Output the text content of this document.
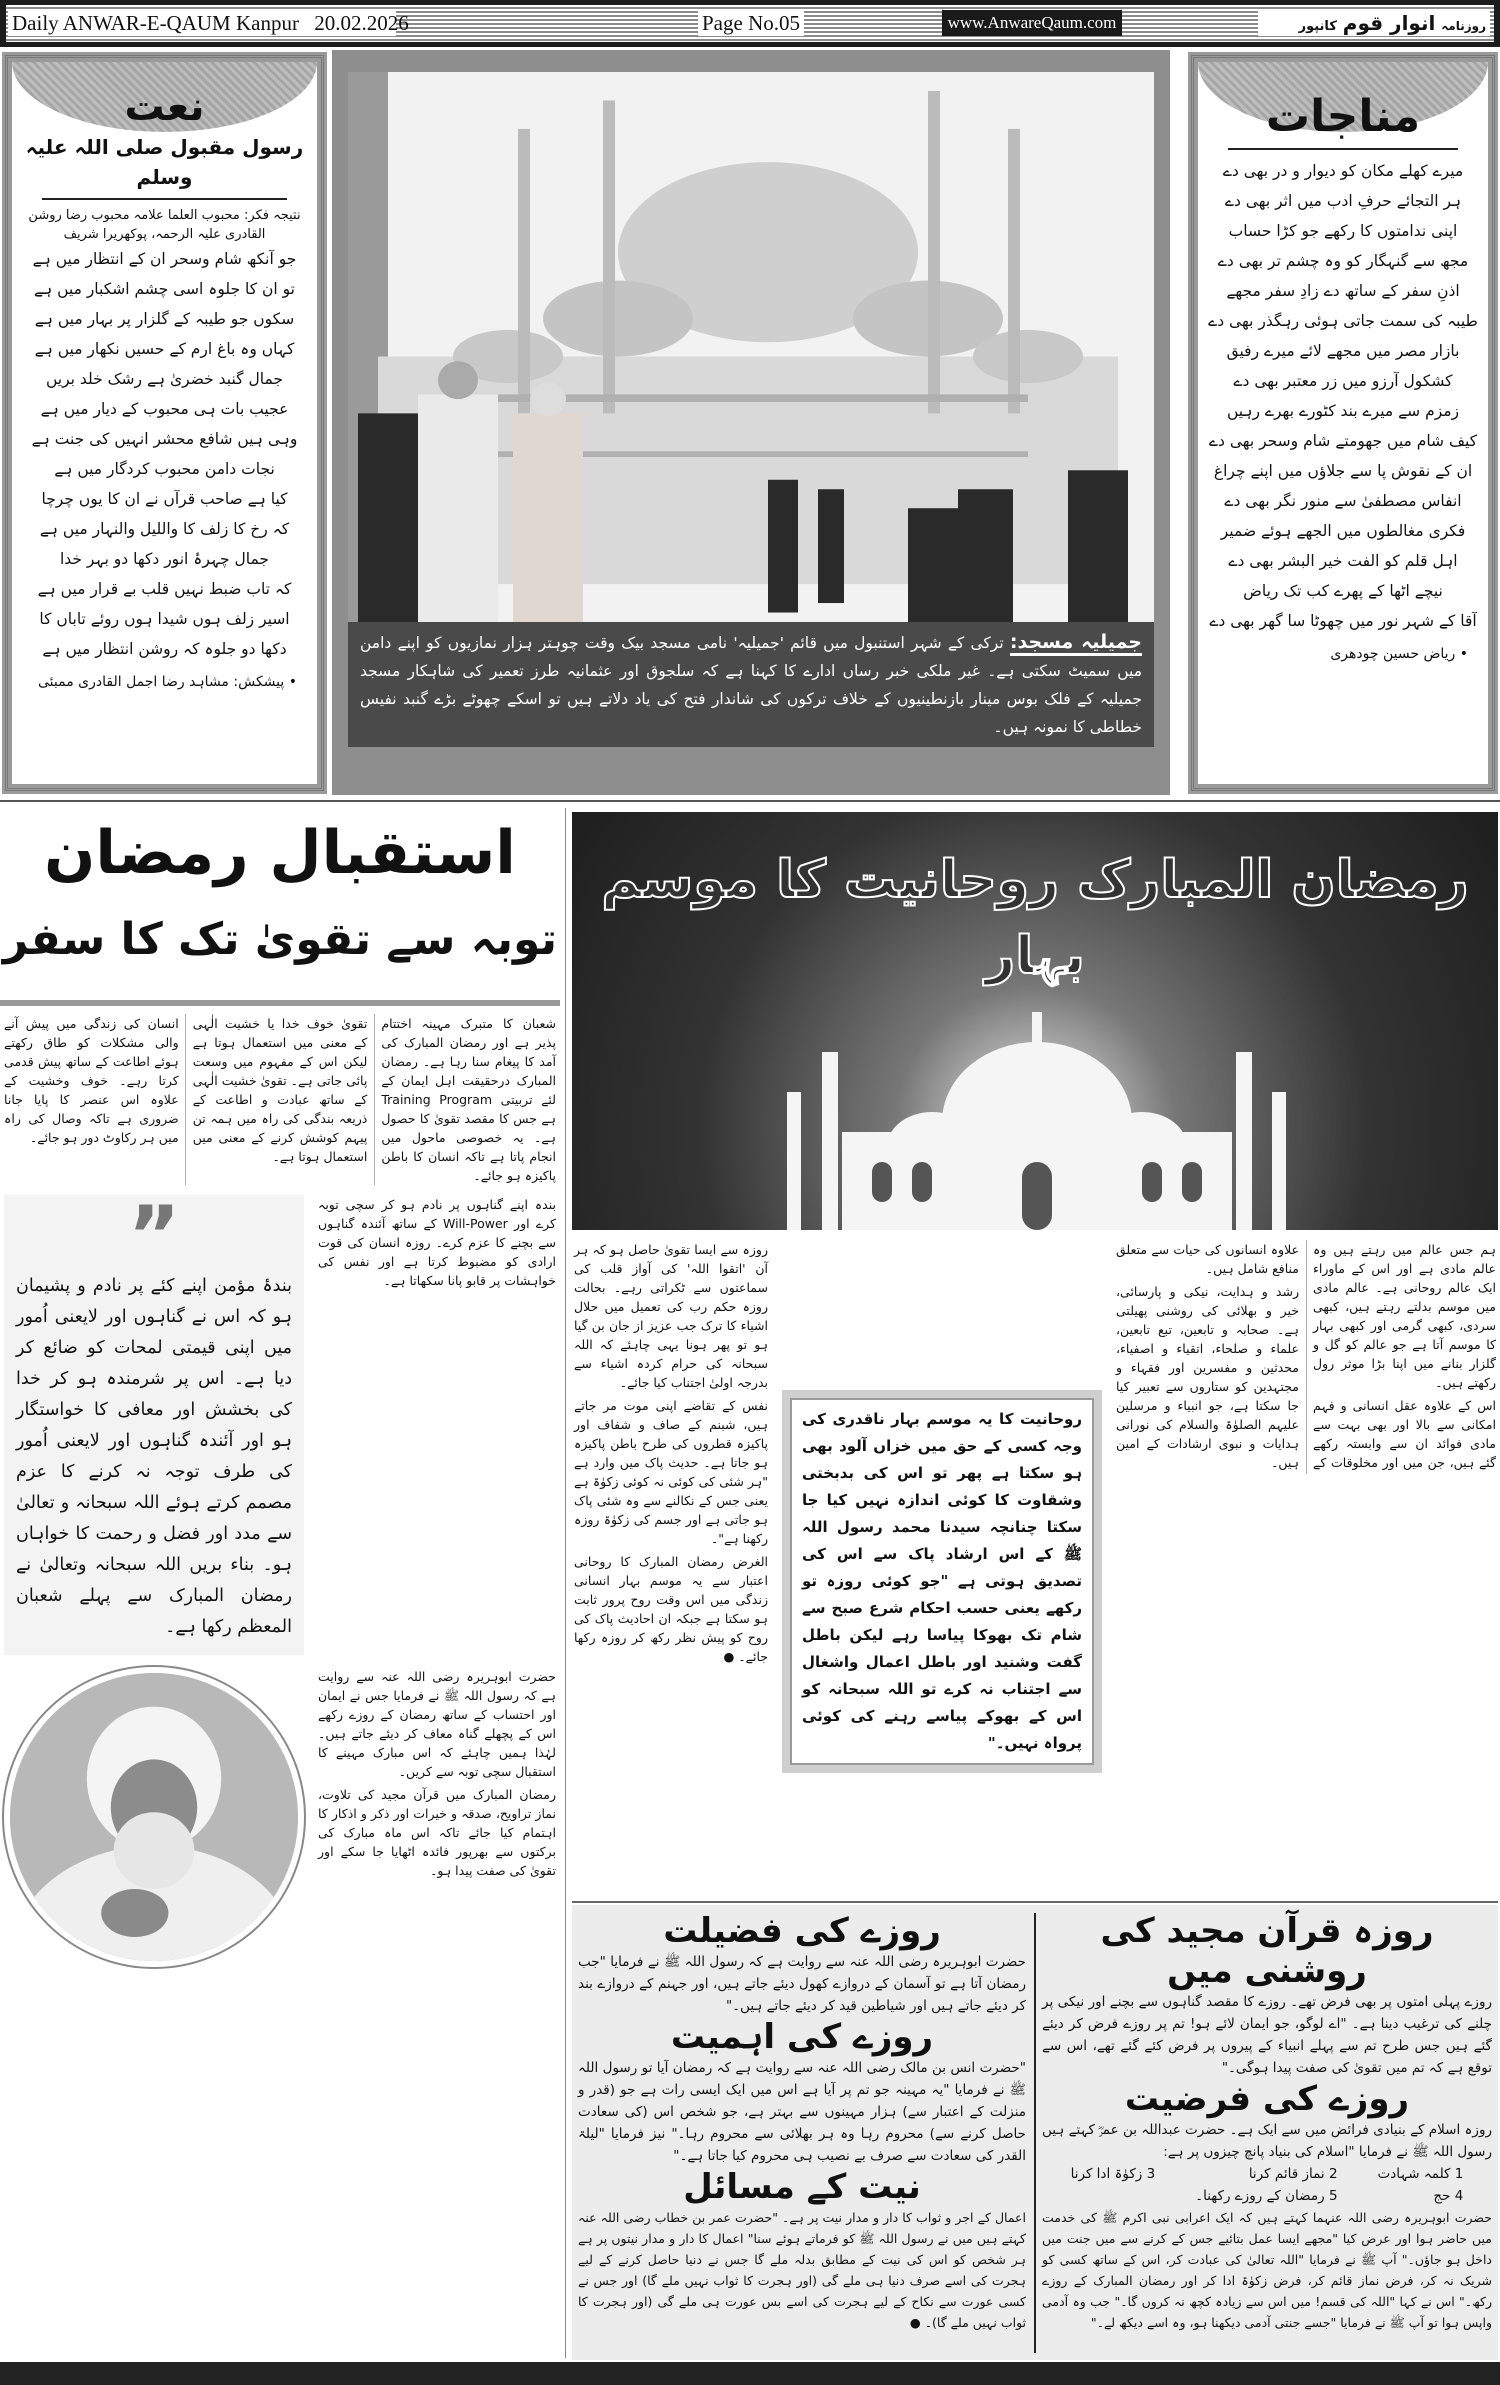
Daily ANWAR-E-QAUM Kanpur 20.02.2026	Page No.05	www.AnwareQaum.com	روزنامہ انوار قوم کانپور
جمیلیہ مسجد: ترکی کے شہر استنبول میں قائم 'جمیلیہ' نامی مسجد بیک وقت چوہتر ہزار نمازیوں کو اپنے دامن میں سمیٹ سکتی ہے۔ غیر ملکی خبر رساں ادارے کا کہنا ہے کہ سلجوق اور عثمانیہ طرز تعمیر کی شاہکار مسجد جمیلیہ کے فلک بوس مینار بازنطینیوں کے خلاف ترکوں کی شاندار فتح کی یاد دلاتے ہیں تو اسکے چھوٹے بڑے گنبد نفیس خطاطی کا نمونہ ہیں۔
نعت
رسول مقبول صلی اللہ علیہ وسلم
نتیجہ فکر: محبوب العلما علامہ محبوب رضا روشن القادری علیہ الرحمہ، پوکھریرا شریف
جو آنکھ شام وسحر ان کے انتظار میں ہے
تو ان کا جلوہ اسی چشم اشکبار میں ہے
سکوں جو طیبہ کے گلزار پر بہار میں ہے
کہاں وہ باغ ارم کے حسیں نکھار میں ہے
جمال گنبد خضریٰ ہے رشک خلد بریں
عجیب بات ہی محبوب کے دیار میں ہے
وہی ہیں شافع محشر انہیں کی جنت ہے
نجات دامن محبوب کردگار میں ہے
کیا ہے صاحب قرآں نے ان کا یوں چرچا
کہ رخ کا زلف کا واللیل والنہار میں ہے
جمال چہرۂ انور دکھا دو بہر خدا
کہ تاب ضبط نہیں قلب بے قرار میں ہے
اسیر زلف ہوں شیدا ہوں روئے تاباں کا
دکھا دو جلوہ کہ روشن انتظار میں ہے
• پیشکش: مشاہد رضا اجمل القادری ممبئی
مناجات
میرے کھلے مکان کو دیوار و در بھی دے
ہر التجائے حرفِ ادب میں اثر بھی دے
اپنی ندامتوں کا رکھے جو کڑا حساب
مجھ سے گنہگار کو وہ چشم تر بھی دے
اذنِ سفر کے ساتھ دے زادِ سفر مجھے
طیبہ کی سمت جاتی ہوئی رہگذر بھی دے
بازار مصر میں مجھے لائے میرے رفیق
کشکول آرزو میں زر معتبر بھی دے
زمزم سے میرے بند کٹورے بھرے رہیں
کیف شام میں جھومتے شام وسحر بھی دے
ان کے نقوش پا سے جلاؤں میں اپنے چراغ
انفاس مصطفیٰ سے منور نگر بھی دے
فکری مغالطوں میں الجھے ہوئے ضمیر
اہل قلم کو الفت خیر البشر بھی دے
نیچے اٹھا کے پھرے کب تک ریاض
آقا کے شہر نور میں چھوٹا سا گھر بھی دے
• ریاض حسین چودھری
استقبال رمضان
توبہ سے تقویٰ تک کا سفر

شعبان کا متبرک مہینہ اختتام پذیر ہے اور رمضان المبارک کی آمد کا پیغام سنا رہا ہے۔ رمضان المبارک درحقیقت اہل ایمان کے لئے تربیتی Training Program ہے جس کا مقصد تقویٰ کا حصول ہے۔ یہ خصوصی ماحول میں انجام پاتا ہے تاکہ انسان کا باطن پاکیزہ ہو جائے۔

تقویٰ خوف خدا یا خشیت الٰہی کے معنی میں استعمال ہوتا ہے لیکن اس کے مفہوم میں وسعت پائی جاتی ہے۔ تقویٰ خشیت الٰہی کے ساتھ عبادت و اطاعت کے ذریعہ بندگی کی راہ میں ہمہ تن پیہم کوشش کرنے کے معنی میں استعمال ہوتا ہے۔

انسان کی زندگی میں پیش آنے والی مشکلات کو طاق رکھتے ہوئے اطاعت کے ساتھ پیش قدمی کرتا رہے۔ خوف وخشیت کے علاوہ اس عنصر کا پایا جانا ضروری ہے تاکہ وصال کی راہ میں ہر رکاوٹ دور ہو جائے۔

بندہ اپنے گناہوں پر نادم ہو کر سچی توبہ کرے اور Will-Power کے ساتھ آئندہ گناہوں سے بچنے کا عزم کرے۔ روزہ انسان کی قوت ارادی کو مضبوط کرتا ہے اور نفس کی خواہشات پر قابو پانا سکھاتا ہے۔

”
بندۂ مؤمن اپنے کئے پر نادم و پشیمان ہو کہ اس نے گناہوں اور لایعنی اُمور میں اپنی قیمتی لمحات کو ضائع کر دیا ہے۔ اس پر شرمندہ ہو کر خدا کی بخشش اور معافی کا خواستگار ہو اور آئندہ گناہوں اور لایعنی اُمور کی طرف توجہ نہ کرنے کا عزم مصمم کرتے ہوئے اللہ سبحانہ و تعالیٰ سے مدد اور فضل و رحمت کا خواہاں ہو۔ بناء بریں اللہ سبحانہ وتعالیٰ نے رمضان المبارک سے پہلے شعبان المعظم رکھا ہے۔

حضرت ابوہریرہ رضی اللہ عنہ سے روایت ہے کہ رسول اللہ ﷺ نے فرمایا جس نے ایمان اور احتساب کے ساتھ رمضان کے روزے رکھے اس کے پچھلے گناہ معاف کر دیئے جاتے ہیں۔ لہٰذا ہمیں چاہئے کہ اس مبارک مہینے کا استقبال سچی توبہ سے کریں۔

رمضان المبارک میں قرآن مجید کی تلاوت، نماز تراویح، صدقہ و خیرات اور ذکر و اذکار کا اہتمام کیا جائے تاکہ اس ماہ مبارک کی برکتوں سے بھرپور فائدہ اٹھایا جا سکے اور تقویٰ کی صفت پیدا ہو۔

رمضان المبارک روحانیت کا موسم بہار

ہم جس عالم میں رہتے ہیں وہ عالم مادی ہے اور اس کے ماوراء ایک عالم روحانی ہے۔ عالم مادی میں موسم بدلتے رہتے ہیں، کبھی سردی، کبھی گرمی اور کبھی بہار کا موسم آتا ہے جو عالم کو گل و گلزار بنانے میں اپنا بڑا موثر رول رکھتے ہیں۔

اس کے علاوہ عقل انسانی و فہم امکانی سے بالا اور بھی بہت سے مادی فوائد ان سے وابستہ رکھے گئے ہیں، جن میں اور مخلوقات کے علاوہ انسانوں کی حیات سے متعلق منافع شامل ہیں۔

رشد و ہدایت، نیکی و پارسائی، خیر و بھلائی کی روشنی پھیلتی ہے۔ صحابہ و تابعین، تبع تابعین، علماء و صلحاء، اتقیاء و اصفیاء، محدثین و مفسرین اور فقہاء و مجتہدین کو ستاروں سے تعبیر کیا جا سکتا ہے، جو انبیاء و مرسلین علیہم الصلوٰۃ والسلام کی نورانی ہدایات و نبوی ارشادات کے امین ہیں۔

روحانیت کا یہ موسم بہار ناقدری کی وجہ کسی کے حق میں خزاں آلود بھی ہو سکتا ہے پھر تو اس کی بدبختی وشقاوت کا کوئی اندازہ نہیں کیا جا سکتا چنانچہ سیدنا محمد رسول اللہ ﷺ کے اس ارشاد پاک سے اس کی تصدیق ہوتی ہے "جو کوئی روزہ تو رکھے یعنی حسب احکام شرع صبح سے شام تک بھوکا پیاسا رہے لیکن باطل گفت وشنید اور باطل اعمال واشغال سے اجتناب نہ کرے تو اللہ سبحانہ کو اس کے بھوکے پیاسے رہنے کی کوئی پرواہ نہیں۔"

روزہ سے ایسا تقویٰ حاصل ہو کہ ہر آن 'اتقوا اللہ' کی آواز قلب کی سماعتوں سے ٹکراتی رہے۔ بحالت روزہ حکم رب کی تعمیل میں حلال اشیاء کا ترک جب عزیز از جان بن گیا ہو تو پھر ہونا یہی چاہئے کہ اللہ سبحانہ کی حرام کردہ اشیاء سے بدرجہ اولیٰ اجتناب کیا جائے۔

نفس کے تقاضے اپنی موت مر جاتے ہیں، شبنم کے صاف و شفاف اور پاکیزہ قطروں کی طرح باطن پاکیزہ ہو جاتا ہے۔ حدیث پاک میں وارد ہے "ہر شئی کی کوئی نہ کوئی زکوٰۃ ہے یعنی جس کے نکالنے سے وہ شئی پاک ہو جاتی ہے اور جسم کی زکوٰۃ روزہ رکھنا ہے"۔

الغرض رمضان المبارک کا روحانی اعتبار سے یہ موسم بہار انسانی زندگی میں اس وقت روح پرور ثابت ہو سکتا ہے جبکہ ان احادیث پاک کی روح کو پیش نظر رکھ کر روزہ رکھا جائے۔ ●

روزہ قرآن مجید کی روشنی میں
روزے پہلی امتوں پر بھی فرض تھے۔ روزے کا مقصد گناہوں سے بچنے اور نیکی پر چلنے کی ترغیب دینا ہے۔ "اے لوگو، جو ایمان لائے ہو! تم پر روزے فرض کر دیئے گئے ہیں جس طرح تم سے پہلے انبیاء کے پیروں پر فرض کئے گئے تھے، اس سے توقع ہے کہ تم میں تقویٰ کی صفت پیدا ہوگی۔"
روزے کی فرضیت
روزہ اسلام کے بنیادی فرائض میں سے ایک ہے۔ حضرت عبداللہ بن عمرؓ کہتے ہیں رسول اللہ ﷺ نے فرمایا "اسلام کی بنیاد پانچ چیزوں پر ہے:
1 کلمہ شہادت
2 نماز قائم کرنا
3 زکوٰۃ ادا کرنا
4 حج
5 رمضان کے روزے رکھنا۔
حضرت ابوہریرہ رضی اللہ عنہما کہتے ہیں کہ ایک اعرابی نبی اکرم ﷺ کی خدمت میں حاضر ہوا اور عرض کیا "مجھے ایسا عمل بتائیے جس کے کرنے سے میں جنت میں داخل ہو جاؤں۔" آپ ﷺ نے فرمایا "اللہ تعالیٰ کی عبادت کر، اس کے ساتھ کسی کو شریک نہ کر، فرض نماز قائم کر، فرض زکوٰۃ ادا کر اور رمضان المبارک کے روزے رکھ۔" اس نے کہا "اللہ کی قسم! میں اس سے زیادہ کچھ نہ کروں گا۔" جب وہ آدمی واپس ہوا تو آپ ﷺ نے فرمایا "جسے جنتی آدمی دیکھنا ہو، وہ اسے دیکھ لے۔"
روزے کی فضیلت
حضرت ابوہریرہ رضی اللہ عنہ سے روایت ہے کہ رسول اللہ ﷺ نے فرمایا "جب رمضان آتا ہے تو آسمان کے دروازے کھول دیئے جاتے ہیں، اور جہنم کے دروازے بند کر دیئے جاتے ہیں اور شیاطین قید کر دیئے جاتے ہیں۔"
روزے کی اہمیت
"حضرت انس بن مالک رضی اللہ عنہ سے روایت ہے کہ رمضان آیا تو رسول اللہ ﷺ نے فرمایا "یہ مہینہ جو تم پر آیا ہے اس میں ایک ایسی رات ہے جو (قدر و منزلت کے اعتبار سے) ہزار مہینوں سے بہتر ہے، جو شخص اس (کی سعادت حاصل کرنے سے) محروم رہا وہ ہر بھلائی سے محروم رہا۔" نیز فرمایا "لیلۃ القدر کی سعادت سے صرف بے نصیب ہی محروم کیا جاتا ہے۔"
نیت کے مسائل
اعمال کے اجر و ثواب کا دار و مدار نیت پر ہے۔ "حضرت عمر بن خطاب رضی اللہ عنہ کہتے ہیں میں نے رسول اللہ ﷺ کو فرماتے ہوئے سنا" اعمال کا دار و مدار نیتوں پر ہے ہر شخص کو اس کی نیت کے مطابق بدلہ ملے گا جس نے دنیا حاصل کرنے کے لیے ہجرت کی اسے صرف دنیا ہی ملے گی (اور ہجرت کا ثواب نہیں ملے گا) اور جس نے کسی عورت سے نکاح کے لیے ہجرت کی اسے بس عورت ہی ملے گی (اور ہجرت کا ثواب نہیں ملے گا)۔ ●
